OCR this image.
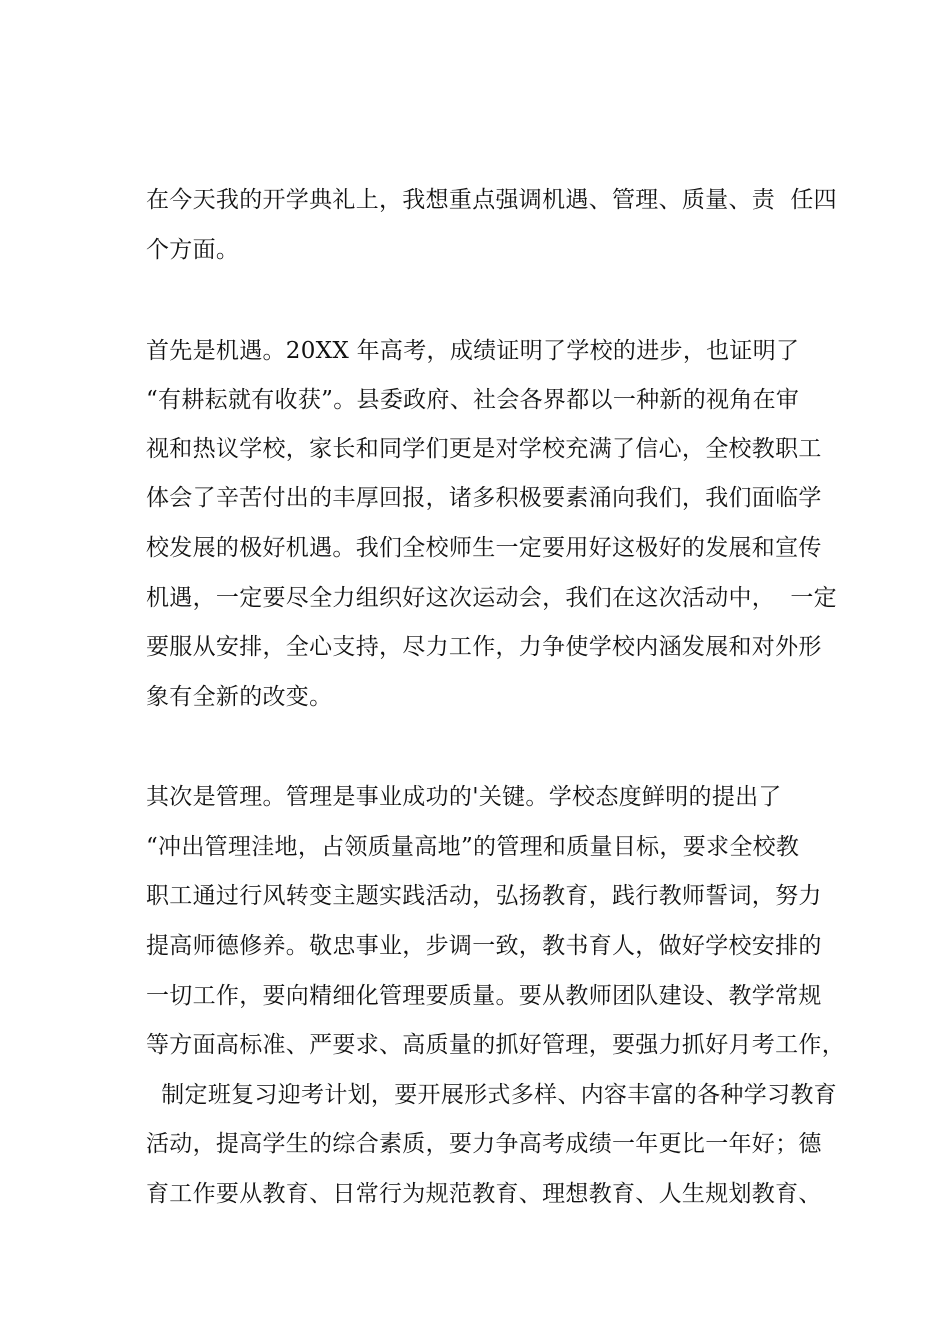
在今天我的开学典礼上，我想重点强调机遇、管理、质量、责  任四
个方面。
首先是机遇。20XX 年高考，成绩证明了学校的进步，也证明了
“有耕耘就有收获”。县委政府、社会各界都以一种新的视角在审
视和热议学校，家长和同学们更是对学校充满了信心，全校教职工
体会了辛苦付出的丰厚回报，诸多积极要素涌向我们，我们面临学
校发展的极好机遇。我们全校师生一定要用好这极好的发展和宣传
机遇，一定要尽全力组织好这次运动会，我们在这次活动中，  一定
要服从安排，全心支持，尽力工作，力争使学校内涵发展和对外形
象有全新的改变。
其次是管理。管理是事业成功的'关键。学校态度鲜明的提出了
“冲出管理洼地，占领质量高地”的管理和质量目标，要求全校教
职工通过行风转变主题实践活动，弘扬教育，践行教师誓词，努力
提高师德修养。敬忠事业，步调一致，教书育人，做好学校安排的
一切工作，要向精细化管理要质量。要从教师团队建设、教学常规
等方面高标准、严要求、高质量的抓好管理，要强力抓好月考工作，
制定班复习迎考计划，要开展形式多样、内容丰富的各种学习教育
活动，提高学生的综合素质，要力争高考成绩一年更比一年好；德
育工作要从教育、日常行为规范教育、理想教育、人生规划教育、
